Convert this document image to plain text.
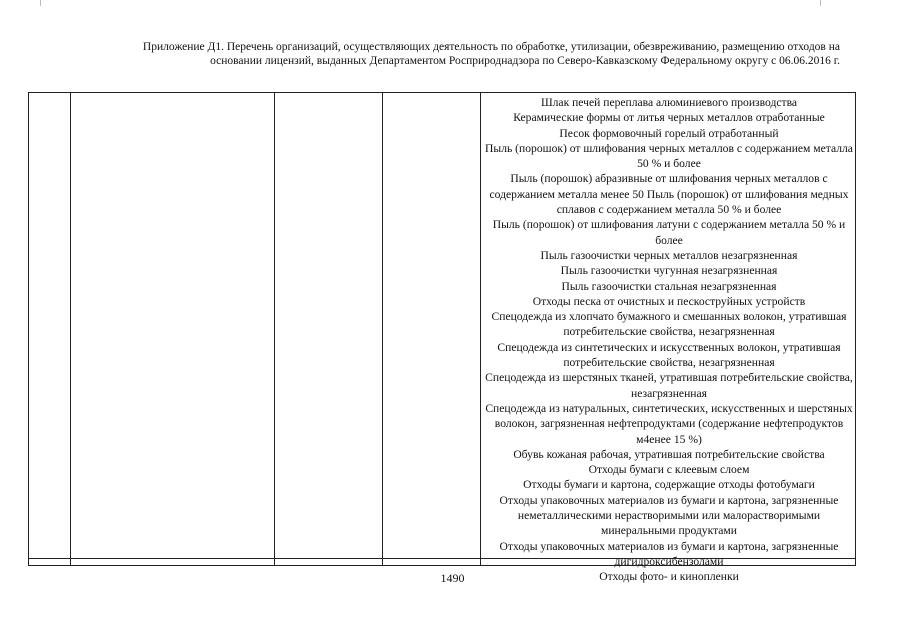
Приложение Д1. Перечень организаций, осуществляющих деятельность по обработке, утилизации, обезвреживанию, размещению отходов на
основании лицензий, выданных Департаментом Росприроднадзора по Северо-Кавказскому Федеральному округу с 06.06.2016 г.
Шлак печей переплава алюминиевого производства
Керамические формы от литья черных металлов отработанные
Песок формовочный горелый отработанный
Пыль (порошок) от шлифования черных металлов с содержанием металла 50 % и более
Пыль (порошок) абразивные от шлифования черных металлов с содержанием металла менее 50 Пыль (порошок) от шлифования медных сплавов с содержанием металла 50 % и более
Пыль (порошок) от шлифования латуни с содержанием металла 50 % и более
Пыль газоочистки черных металлов незагрязненная
Пыль газоочистки чугунная незагрязненная
Пыль газоочистки стальная незагрязненная
Отходы песка от очистных и пескоструйных устройств
Спецодежда из хлопчато бумажного и смешанных волокон, утратившая потребительские свойства, незагрязненная
Спецодежда из синтетических и искусственных волокон, утратившая потребительские свойства, незагрязненная
Спецодежда из шерстяных тканей, утратившая потребительские свойства, незагрязненная
Спецодежда из натуральных, синтетических, искусственных и шерстяных волокон, загрязненная нефтепродуктами (содержание нефтепродуктов м4енее 15 %)
Обувь кожаная рабочая, утратившая потребительские свойства
Отходы бумаги с клеевым слоем
Отходы бумаги и картона, содержащие отходы фотобумаги
Отходы упаковочных материалов из бумаги и картона, загрязненные неметаллическими нерастворимыми или малорастворимыми минеральными продуктами
Отходы упаковочных материалов из бумаги и картона, загрязненные дигидроксибензолами
Отходы фото- и кинопленки
1490
